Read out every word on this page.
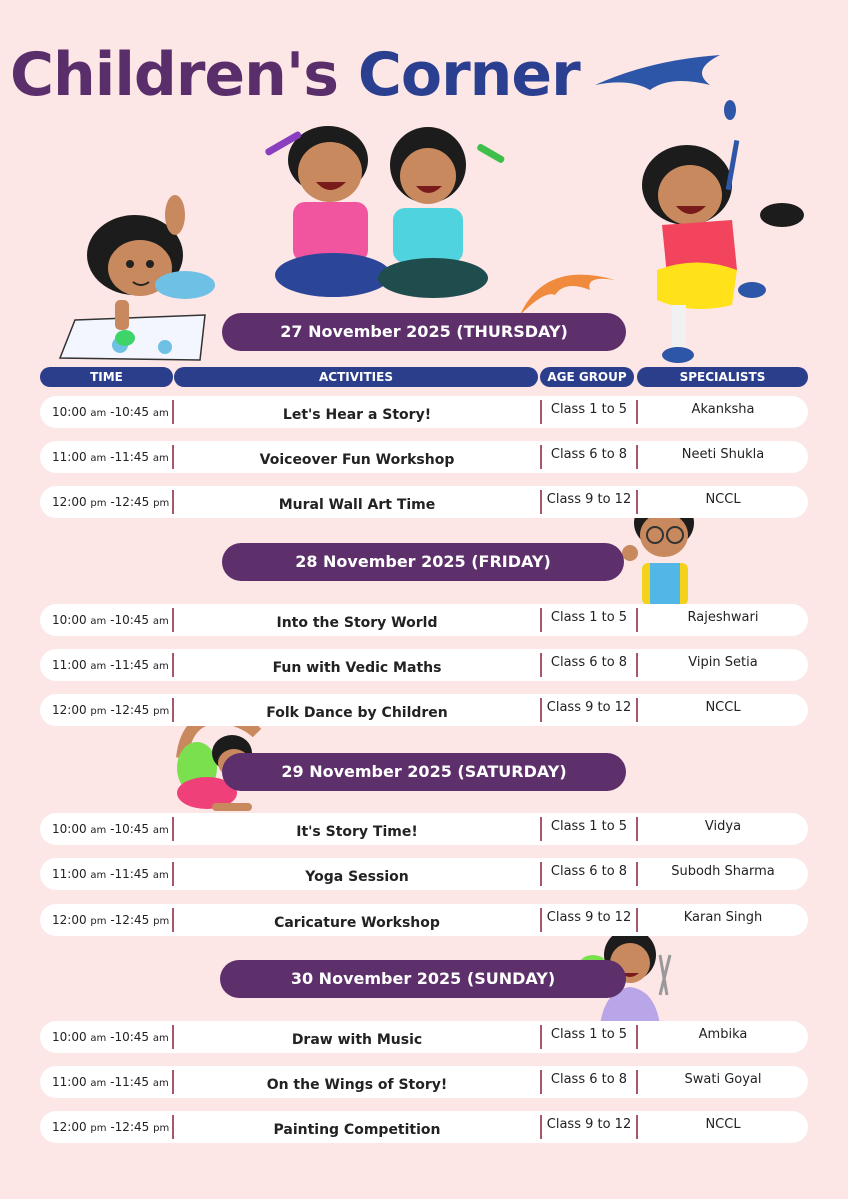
Children's Corner
TIME	ACTIVITIES	AGE GROUP	SPECIALISTS
27 November 2025 (THURSDAY)
28 November 2025 (FRIDAY)
29 November 2025 (SATURDAY)
30 November 2025 (SUNDAY)
10:00 am -10:45 am	Let's Hear a Story!	Class 1 to 5	Akanksha
11:00 am -11:45 am	Voiceover Fun Workshop	Class 6 to 8	Neeti Shukla
12:00 pm -12:45 pm	Mural Wall Art Time	Class 9 to 12	NCCL
10:00 am -10:45 am	Into the Story World	Class 1 to 5	Rajeshwari
11:00 am -11:45 am	Fun with Vedic Maths	Class 6 to 8	Vipin Setia
12:00 pm -12:45 pm	Folk Dance by Children	Class 9 to 12	NCCL
10:00 am -10:45 am	It's Story Time!	Class 1 to 5	Vidya
11:00 am -11:45 am	Yoga Session	Class 6 to 8	Subodh Sharma
12:00 pm -12:45 pm	Caricature Workshop	Class 9 to 12	Karan Singh
10:00 am -10:45 am	Draw with Music	Class 1 to 5	Ambika
11:00 am -11:45 am	On the Wings of Story!	Class 6 to 8	Swati Goyal
12:00 pm -12:45 pm	Painting Competition	Class 9 to 12	NCCL
